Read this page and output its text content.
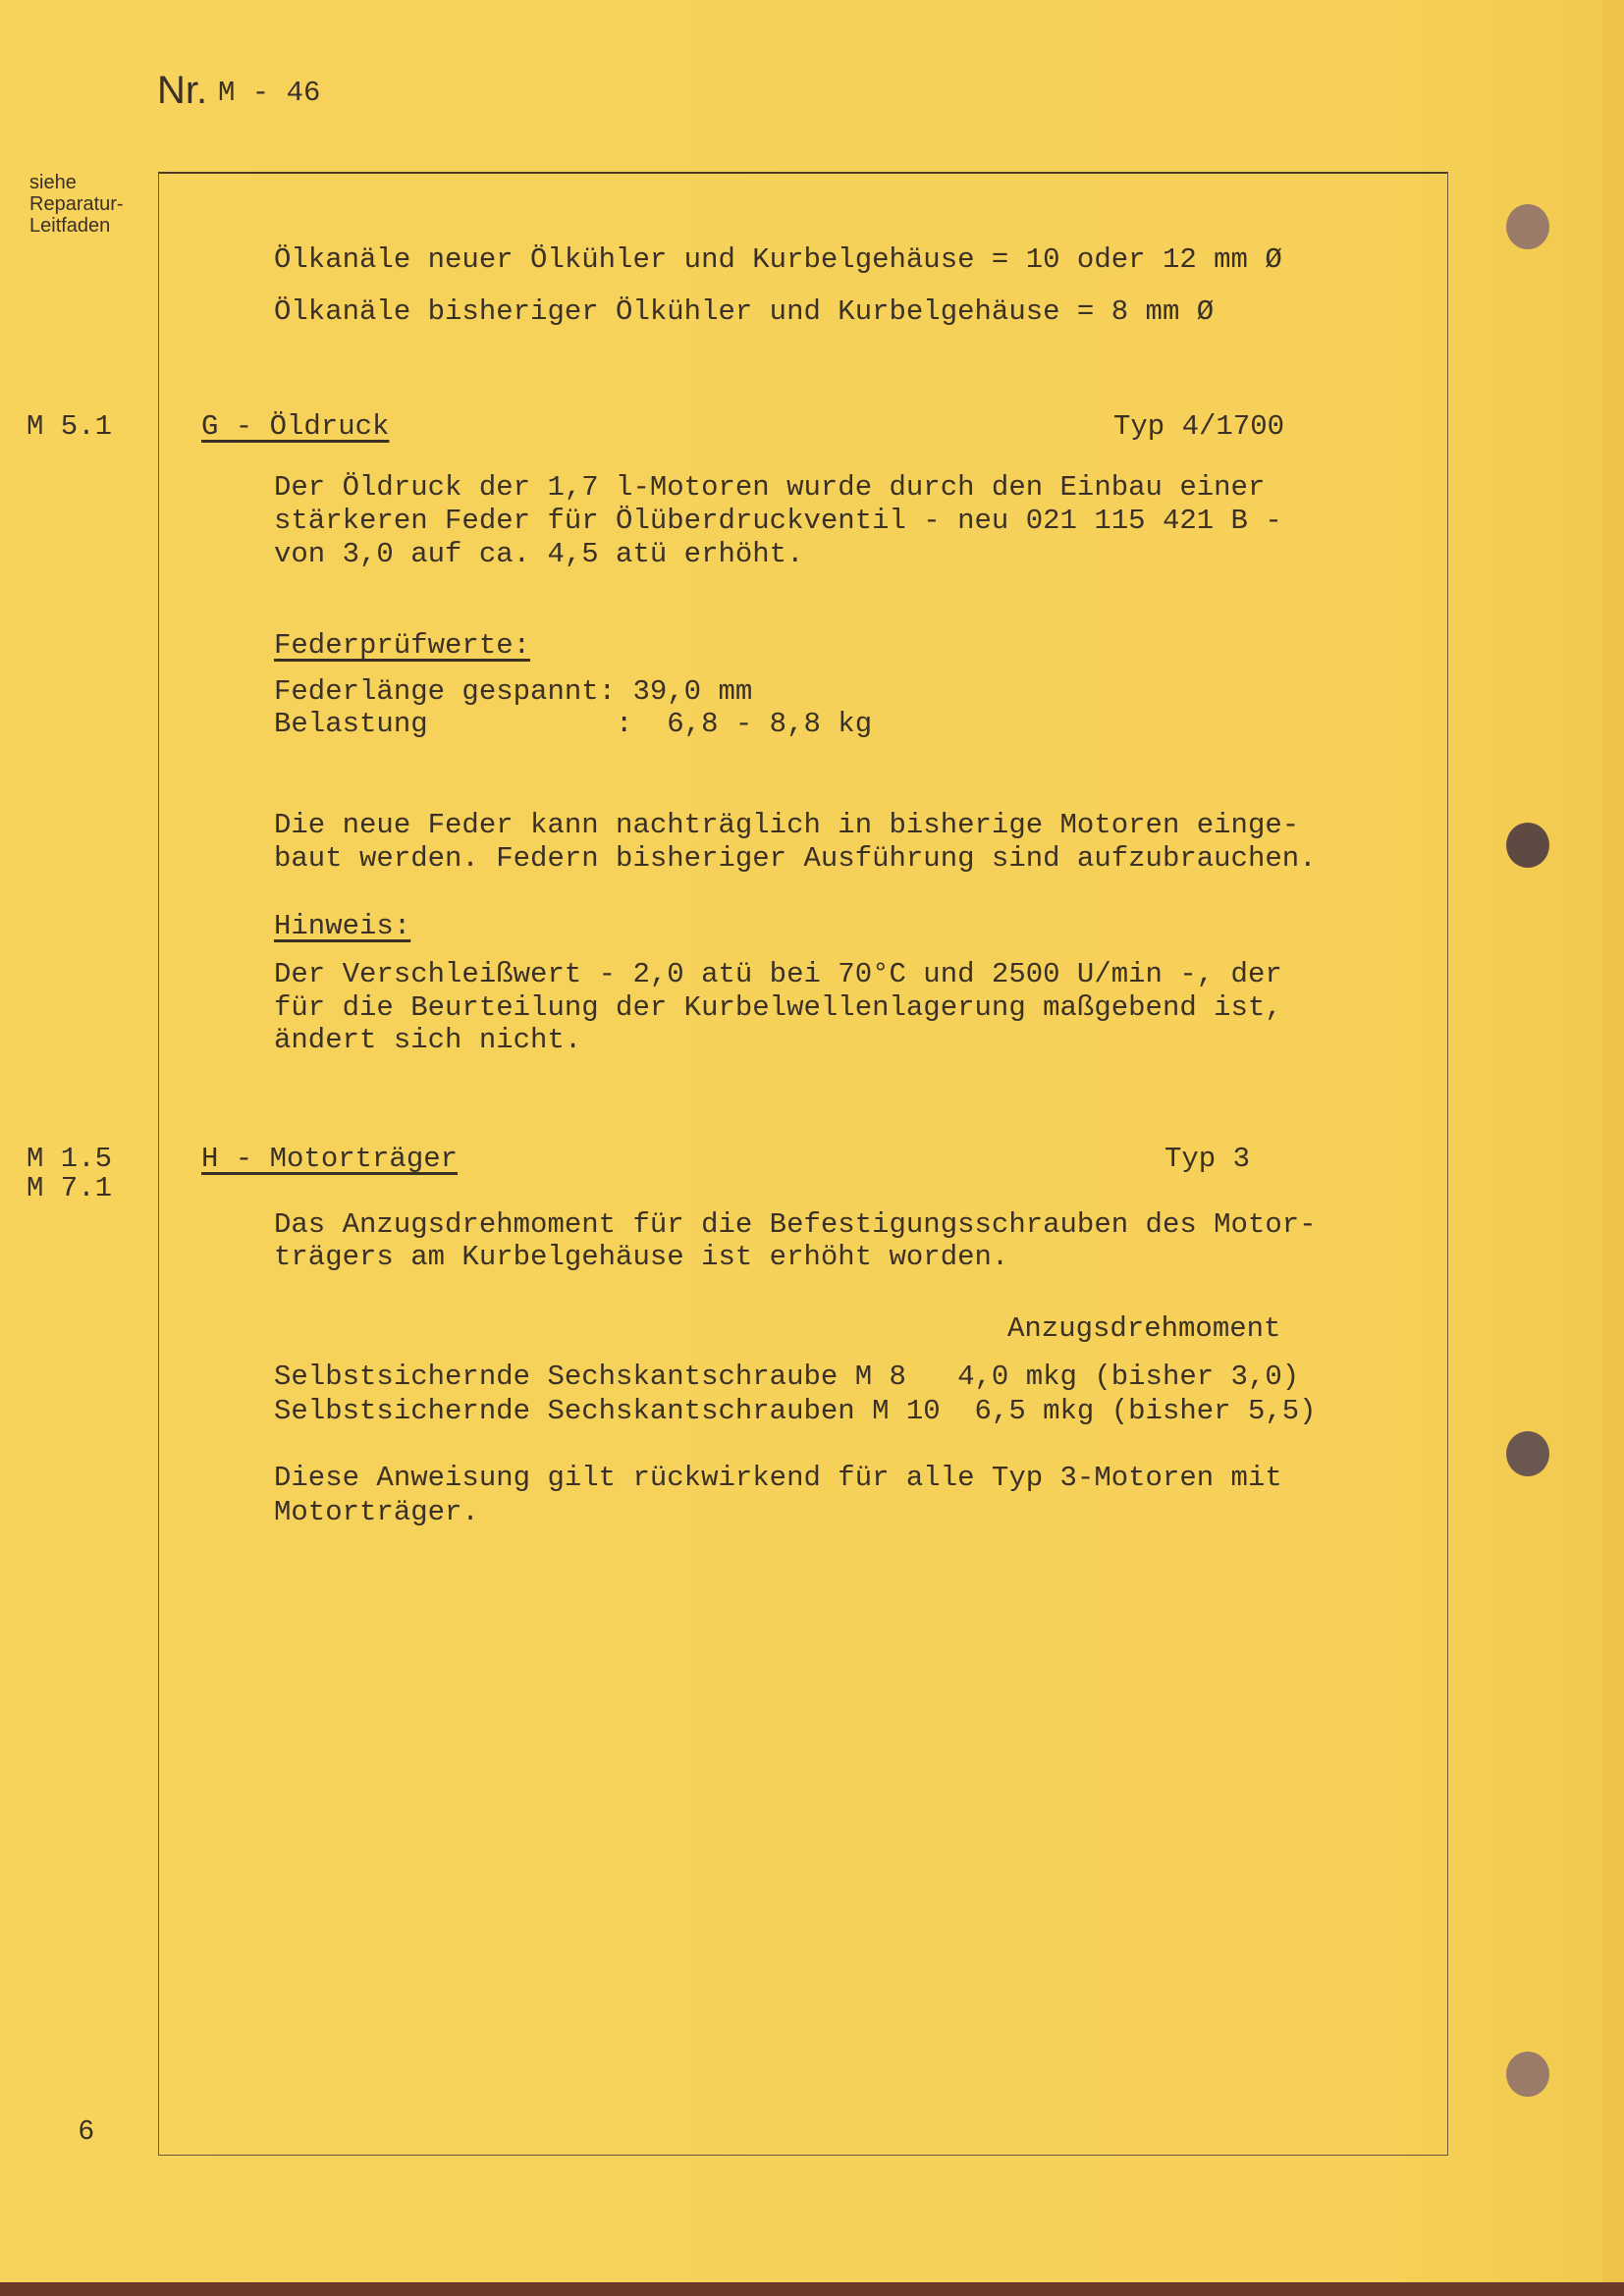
Nr. M - 46
siehe
Reparatur-
Leitfaden
Ölkanäle neuer Ölkühler und Kurbelgehäuse = 10 oder 12 mm Ø
Ölkanäle bisheriger Ölkühler und Kurbelgehäuse = 8 mm Ø
M 5.1	G - Öldruck	Typ 4/1700
Der Öldruck der 1,7 l-Motoren wurde durch den Einbau einer
stärkeren Feder für Ölüberdruckventil - neu 021 115 421 B -
von 3,0 auf ca. 4,5 atü erhöht.
Federprüfwerte:
Federlänge gespannt: 39,0 mm
Belastung           :  6,8 - 8,8 kg
Die neue Feder kann nachträglich in bisherige Motoren einge-
baut werden. Federn bisheriger Ausführung sind aufzubrauchen.
Hinweis:
Der Verschleißwert - 2,0 atü bei 70°C und 2500 U/min -, der
für die Beurteilung der Kurbelwellenlagerung maßgebend ist,
ändert sich nicht.
M 1.5
M 7.1
H - Motorträger	Typ 3
Das Anzugsdrehmoment für die Befestigungsschrauben des Motor-
trägers am Kurbelgehäuse ist erhöht worden.
Anzugsdrehmoment
Selbstsichernde Sechskantschraube M 8   4,0 mkg (bisher 3,0)
Selbstsichernde Sechskantschrauben M 10  6,5 mkg (bisher 5,5)
Diese Anweisung gilt rückwirkend für alle Typ 3-Motoren mit
Motorträger.
6
